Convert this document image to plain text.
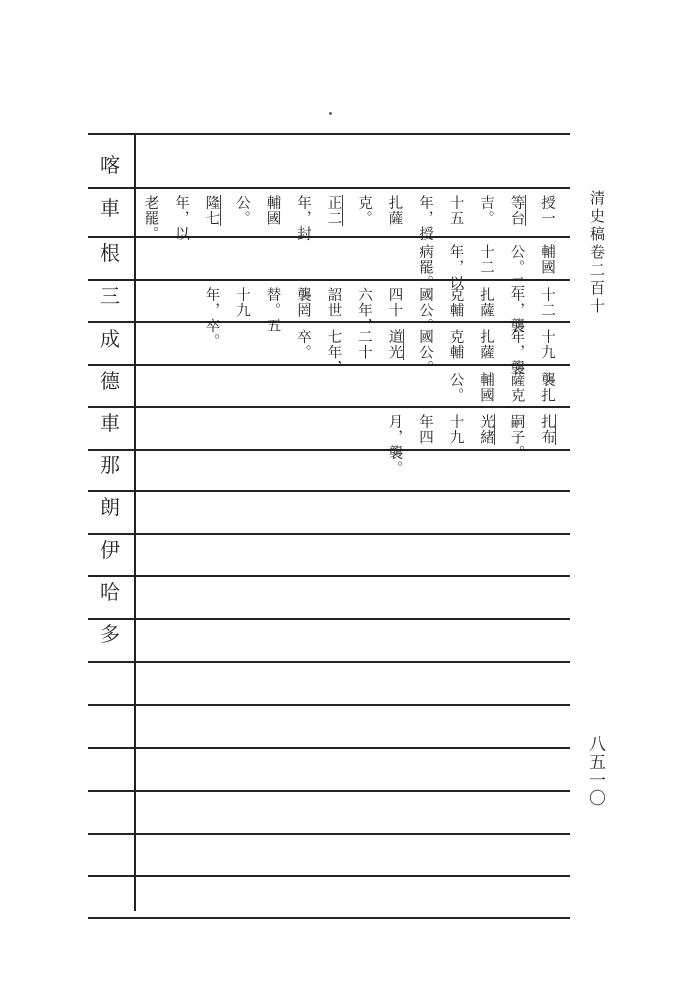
喀
車
根
三
成
德
車
那
朗
伊
哈
多
授一
等台
吉。
十五
年，授
扎薩
克。
正二
年，封
輔國
公。
隆七
年，以
老罷。
輔國
公。二
十二
年，以
病罷。
十二
年，襲
扎薩
克輔
國公。
四十
六年，
詔世
襲罔
替。五
十九
年，卒。	十九
年，襲
扎薩
克輔
國公。
道光
二十
七年，
卒。
襲扎
薩克
輔國
公。
扎布
嗣子。
光緒
十九
年四
月，襲。
清史稿卷二百十
八五一〇
